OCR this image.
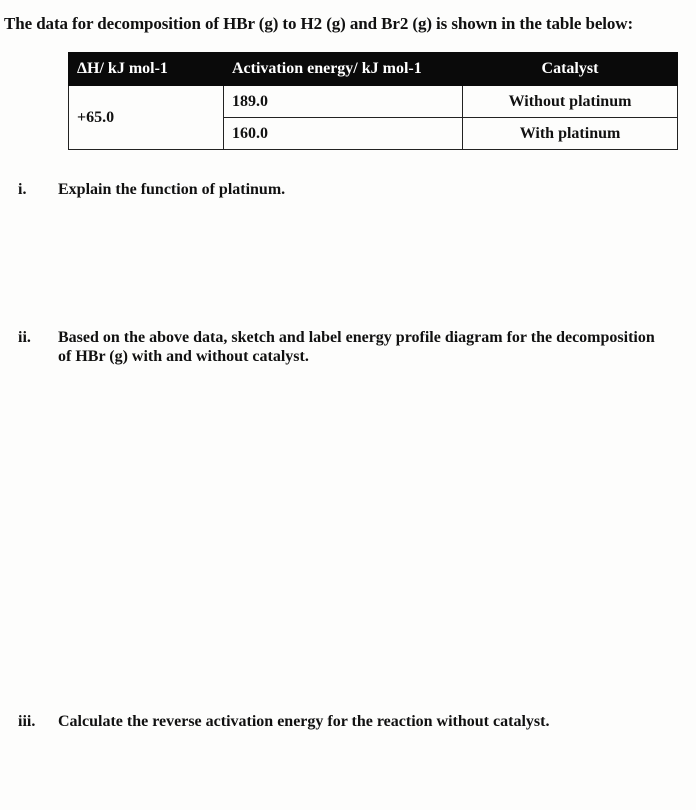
The data for decomposition of HBr (g) to H2 (g) and Br2 (g) is shown in the table below:
ΔH/ kJ mol-1	Activation energy/ kJ mol-1	Catalyst
+65.0	189.0	Without platinum
	160.0	With platinum
i. Explain the function of platinum.
ii. Based on the above data, sketch and label energy profile diagram for the decomposition of HBr (g) with and without catalyst.
iii. Calculate the reverse activation energy for the reaction without catalyst.
